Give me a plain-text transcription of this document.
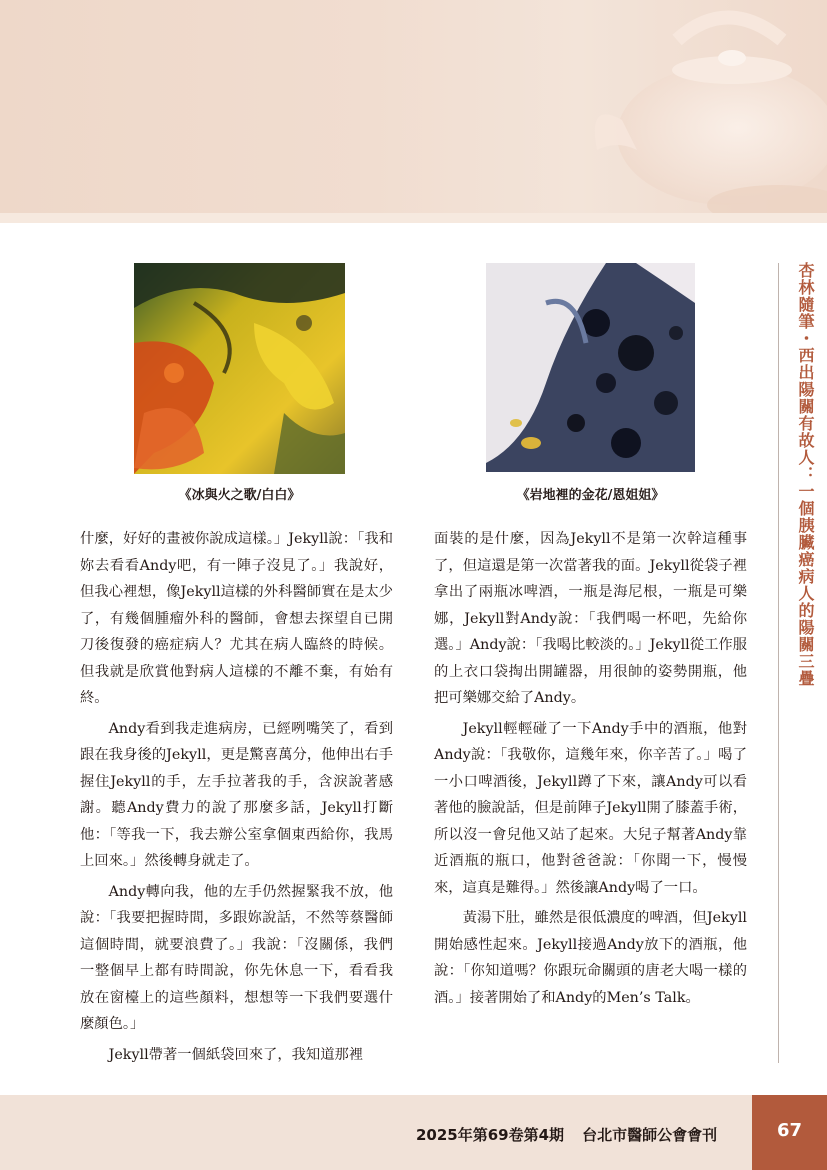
杏林隨筆・西出陽關有故人：一個胰臟癌病人的陽關三疊
《冰與火之歌/白白》	《岩地裡的金花/恩姐姐》

什麼，好好的畫被你說成這樣。」Jekyll說：「我和妳去看看Andy吧，有一陣子沒見了。」我說好，但我心裡想，像Jekyll這樣的外科醫師實在是太少了，有幾個腫瘤外科的醫師，會想去探望自已開刀後復發的癌症病人？尤其在病人臨終的時候。但我就是欣賞他對病人這樣的不離不棄，有始有終。

Andy看到我走進病房，已經咧嘴笑了，看到跟在我身後的Jekyll，更是驚喜萬分，他伸出右手握住Jekyll的手，左手拉著我的手，含淚說著感謝。聽Andy費力的說了那麼多話，Jekyll打斷他：「等我一下，我去辦公室拿個東西給你，我馬上回來。」然後轉身就走了。

Andy轉向我，他的左手仍然握緊我不放，他說：「我要把握時間，多跟妳說話，不然等蔡醫師這個時間，就要浪費了。」我說：「沒關係，我們一整個早上都有時間說，你先休息一下，看看我放在窗檯上的這些顏料，想想等一下我們要選什麼顏色。」

Jekyll帶著一個紙袋回來了，我知道那裡

面裝的是什麼，因為Jekyll不是第一次幹這種事了，但這還是第一次當著我的面。Jekyll從袋子裡拿出了兩瓶冰啤酒，一瓶是海尼根，一瓶是可樂娜，Jekyll對Andy說：「我們喝一杯吧，先給你選。」Andy說：「我喝比較淡的。」Jekyll從工作服的上衣口袋掏出開罐器，用很帥的姿勢開瓶，他把可樂娜交給了Andy。

Jekyll輕輕碰了一下Andy手中的酒瓶，他對Andy說：「我敬你，這幾年來，你辛苦了。」喝了一小口啤酒後，Jekyll蹲了下來，讓Andy可以看著他的臉說話，但是前陣子Jekyll開了膝蓋手術，所以沒一會兒他又站了起來。大兒子幫著Andy靠近酒瓶的瓶口，他對爸爸說：「你聞一下，慢慢來，這真是難得。」然後讓Andy喝了一口。

黃湯下肚，雖然是很低濃度的啤酒，但Jekyll開始感性起來。Jekyll接過Andy放下的酒瓶，他說：「你知道嗎？你跟玩命關頭的唐老大喝一樣的酒。」接著開始了和Andy的Men’s Talk。

2025年第69卷第4期 台北市醫師公會會刊	67
